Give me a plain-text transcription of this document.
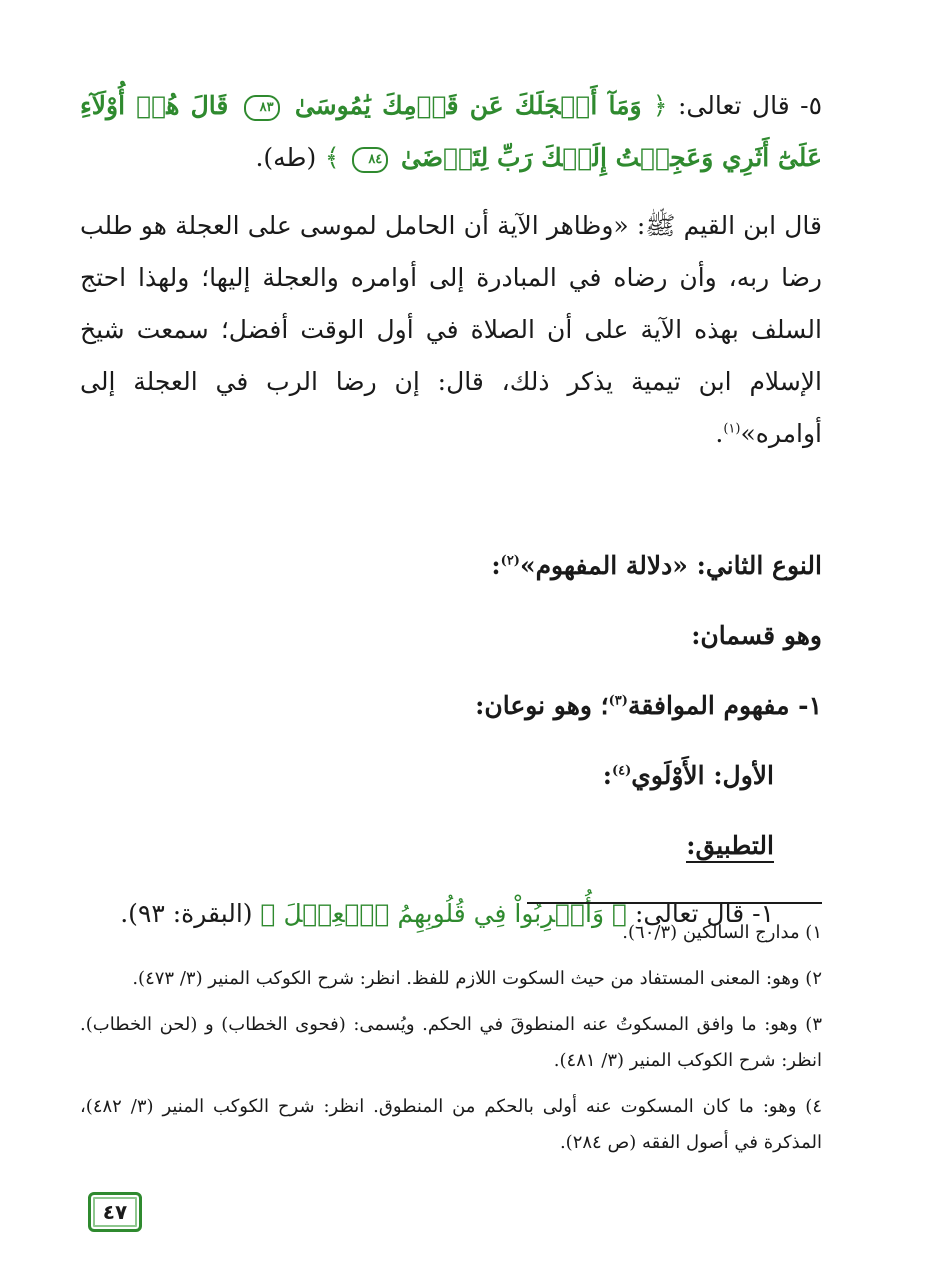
٥- قال تعالى: ﴿ وَمَآ أَعۡجَلَكَ عَن قَوۡمِكَ يَٰمُوسَىٰ ٨٣ قَالَ هُمۡ أُوْلَآءِ عَلَىٰٓ أَثَرِي وَعَجِلۡتُ إِلَيۡكَ رَبِّ لِتَرۡضَىٰ ٨٤ ﴾ (طه).
قال ابن القيم ﷺ: «وظاهر الآية أن الحامل لموسى على العجلة هو طلب رضا ربه، وأن رضاه في المبادرة إلى أوامره والعجلة إليها؛ ولهذا احتج السلف بهذه الآية على أن الصلاة في أول الوقت أفضل؛ سمعت شيخ الإسلام ابن تيمية يذكر ذلك، قال: إن رضا الرب في العجلة إلى أوامره»$^{(١)}$.
النوع الثاني: «دلالة المفهوم»$^{(٢)}$:
وهو قسمان:
١- مفهوم الموافقة$^{(٣)}$؛ وهو نوعان:
الأول: الأَوْلَوي$^{(٤)}$:
التطبيق:
١- قال تعالى: ﴿ وَأُشۡرِبُواْ فِي قُلُوبِهِمُ ٱلۡعِجۡلَ ﴾ (البقرة: ٩٣).
١) مدارج السالكين (٦٠/٣).
٢) وهو: المعنى المستفاد من حيث السكوت اللازم للفظ. انظر: شرح الكوكب المنير (٣/ ٤٧٣).
٣) وهو: ما وافق المسكوتُ عنه المنطوقَ في الحكم. ويُسمى: (فحوى الخطاب) و (لحن الخطاب). انظر: شرح الكوكب المنير (٣/ ٤٨١).
٤) وهو: ما كان المسكوت عنه أولى بالحكم من المنطوق. انظر: شرح الكوكب المنير (٣/ ٤٨٢)، المذكرة في أصول الفقه (ص ٢٨٤).
٤٧
